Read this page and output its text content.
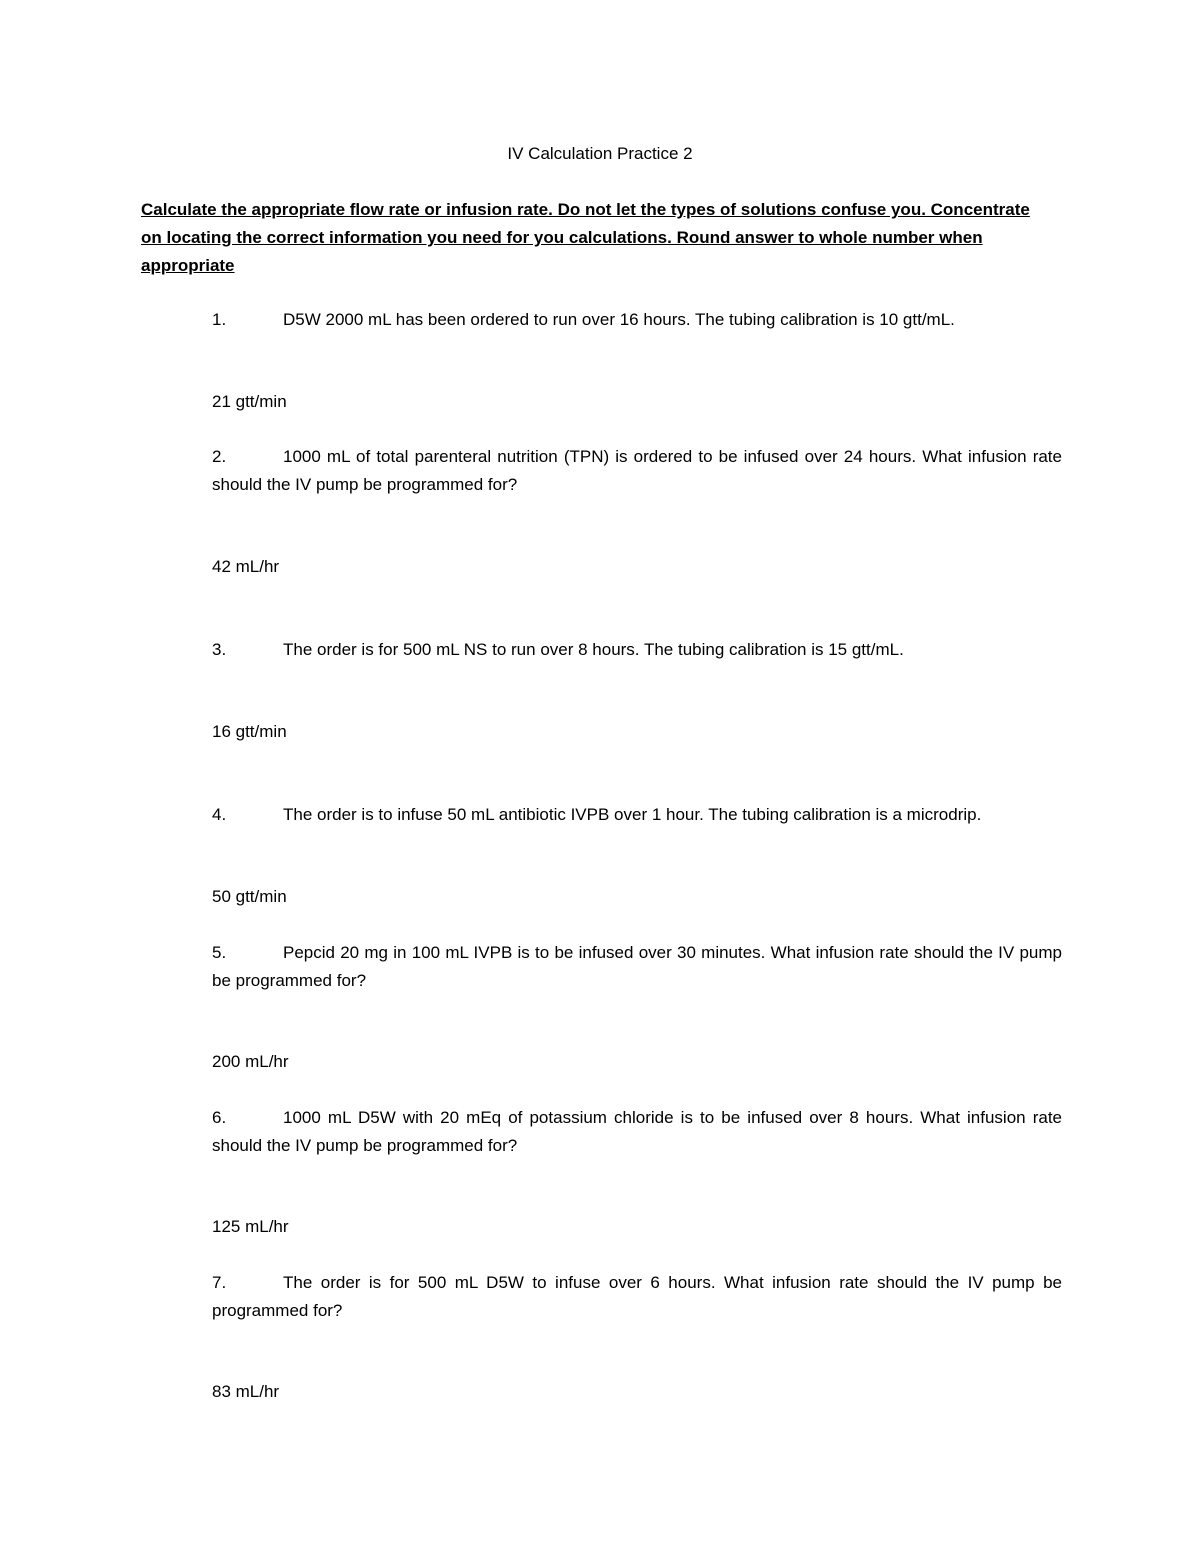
IV Calculation Practice 2
Calculate the appropriate flow rate or infusion rate. Do not let the types of solutions confuse you. Concentrate on locating the correct information you need for you calculations. Round answer to whole number when appropriate
1.	D5W 2000 mL has been ordered to run over 16 hours. The tubing calibration is 10 gtt/mL.
21 gtt/min
2.	1000 mL of total parenteral nutrition (TPN) is ordered to be infused over 24 hours. What infusion rate should the IV pump be programmed for?
42 mL/hr
3.	The order is for 500 mL NS to run over 8 hours. The tubing calibration is 15 gtt/mL.
16 gtt/min
4.	The order is to infuse 50 mL antibiotic IVPB over 1 hour. The tubing calibration is a microdrip.
50 gtt/min
5.	Pepcid 20 mg in 100 mL IVPB is to be infused over 30 minutes. What infusion rate should the IV pump be programmed for?
200 mL/hr
6.	1000 mL D5W with 20 mEq of potassium chloride is to be infused over 8 hours. What infusion rate should the IV pump be programmed for?
125 mL/hr
7.	The order is for 500 mL D5W to infuse over 6 hours. What infusion rate should the IV pump be programmed for?
83 mL/hr
